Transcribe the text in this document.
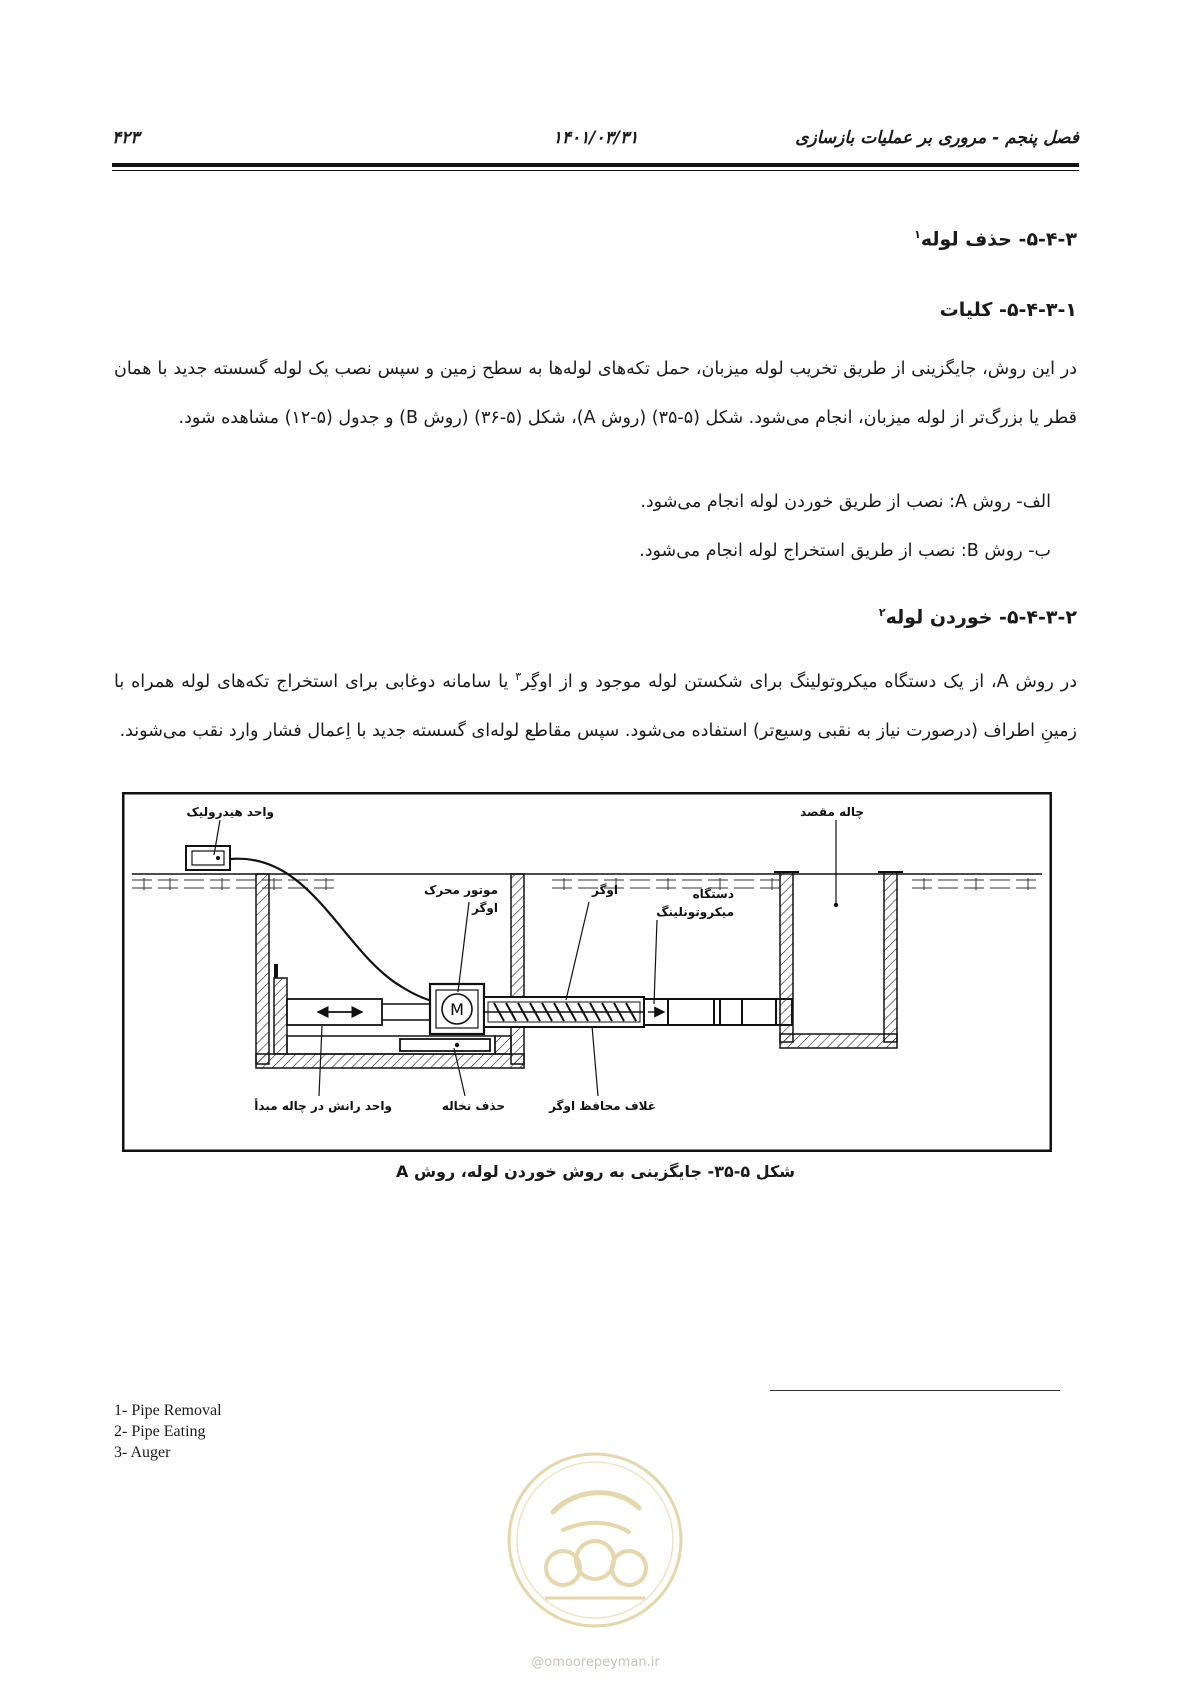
فصل پنجم - مروری بر عملیات بازسازی
۱۴۰۱/۰۳/۳۱
۴۲۳
۵-۴-۳- حذف لوله$^۱$
۵-۴-۳-۱- کلیات
در این روش، جایگزینی از طریق تخریب لوله میزبان، حمل تکه‌های لوله‌ها به سطح زمین و سپس نصب یک لوله گسسته جدید با همان قطر یا بزرگ‌تر از لوله میزبان، انجام می‌شود. شکل (۵-۳۵) (روش A)، شکل (۵-۳۶) (روش B) و جدول (۵-۱۲) مشاهده شود.
الف- روش A: نصب از طریق خوردن لوله انجام می‌شود.
ب- روش B: نصب از طریق استخراج لوله انجام می‌شود.
۵-۴-۳-۲- خوردن لوله$^۲$
در روش A، از یک دستگاه میکروتولینگ برای شکستن لوله موجود و از اوگِر$^۳$ یا سامانه دوغابی برای استخراج تکه‌های لوله همراه با زمینِ اطراف (درصورت نیاز به نقبی وسیع‌تر) استفاده می‌شود. سپس مقاطع لوله‌ای گسسته جدید با اِعمال فشار وارد نقب می‌شوند.
M
واحد هیدرولیک	چاله مقصد
موتور محرک
اوگر
اوگر	دستگاه
میکروتونلینگ
واحد رانش در چاله مبدأ	حذف نخاله	غلاف محافظ اوگر
شکل ۵-۳۵- جایگزینی به روش خوردن لوله، روش A
1- Pipe Removal
2- Pipe Eating
3- Auger
@omoorepeyman.ir
